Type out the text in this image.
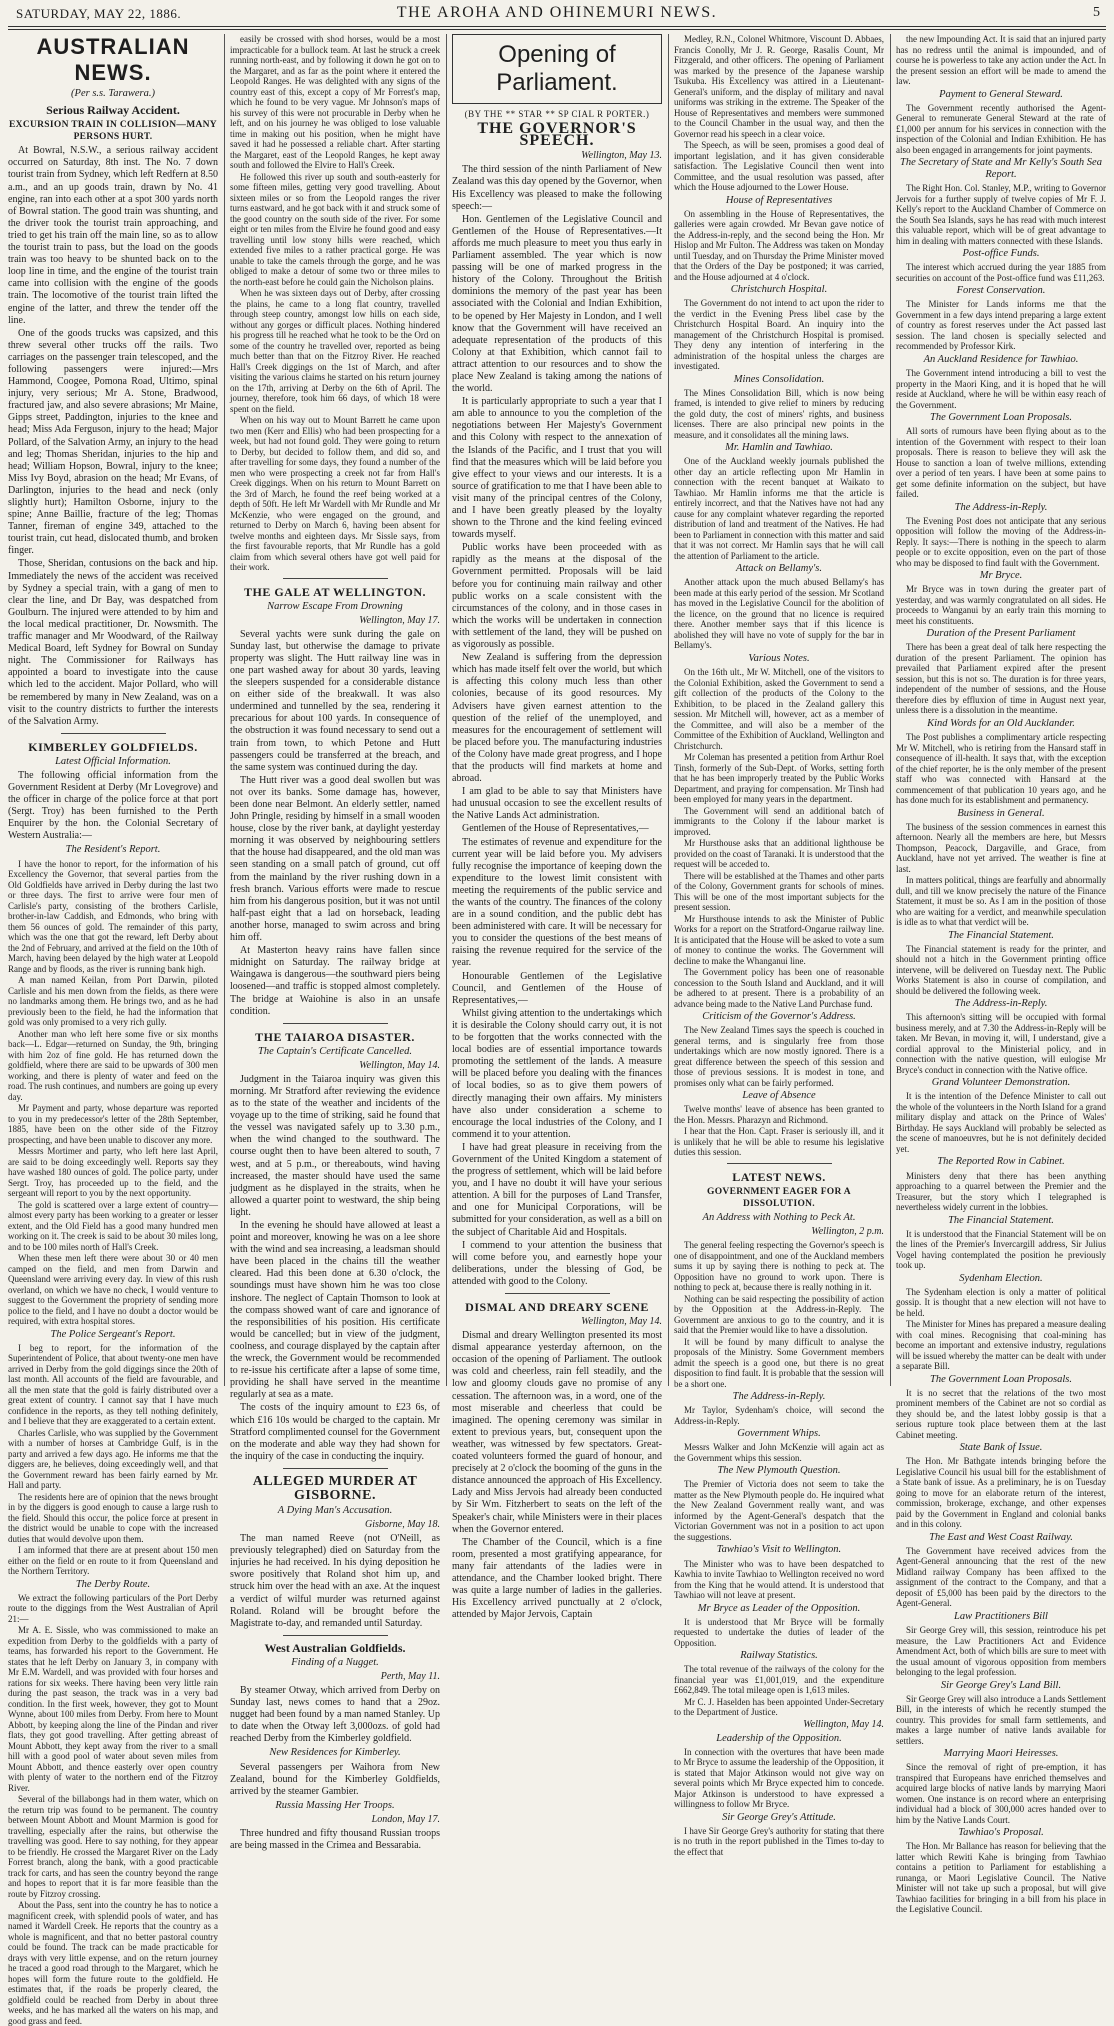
SATURDAY, MAY 22, 1886.	THE AROHA AND OHINEMURI NEWS.	5
AUSTRALIAN NEWS.
(Per s.s. Tarawera.)
Serious Railway Accident.
EXCURSION TRAIN IN COLLISION—MANY PERSONS HURT.

At Bowral, N.S.W., a serious railway accident occurred on Saturday, 8th inst. The No. 7 down tourist train from Sydney, which left Redfern at 8.50 a.m., and an up goods train, drawn by No. 41 engine, ran into each other at a spot 300 yards north of Bowral station. The good train was shunting, and the driver took the tourist train approaching, and tried to get his train off the main line, so as to allow the tourist train to pass, but the load on the goods train was too heavy to be shunted back on to the loop line in time, and the engine of the tourist train came into collision with the engine of the goods train. The locomotive of the tourist train lifted the engine of the latter, and threw the tender off the line.

One of the goods trucks was capsized, and this threw several other trucks off the rails. Two carriages on the passenger train telescoped, and the following passengers were injured:—Mrs Hammond, Coogee, Pomona Road, Ultimo, spinal injury, very serious; Mr A. Stone, Bradwood, fractured jaw, and also severe abrasions; Mr Maine, Gipps street, Paddington, injuries to the knee and head; Miss Ada Ferguson, injury to the head; Major Pollard, of the Salvation Army, an injury to the head and leg; Thomas Sheridan, injuries to the hip and head; William Hopson, Bowral, injury to the knee; Miss Ivy Boyd, abrasion on the head; Mr Evans, of Darlington, injuries to the head and neck (only slightly hurt); Hamilton Osborne, injury to the spine; Anne Baillie, fracture of the leg; Thomas Tanner, fireman of engine 349, attached to the tourist train, cut head, dislocated thumb, and broken finger.

Those, Sheridan, contusions on the back and hip. Immediately the news of the accident was received by Sydney a special train, with a gang of men to clear the line, and Dr Bay, was despatched from Goulburn. The injured were attended to by him and the local medical practitioner, Dr. Nowsmith. The traffic manager and Mr Woodward, of the Railway Medical Board, left Sydney for Bowral on Sunday night. The Commissioner for Railways has appointed a board to investigate into the cause which led to the accident. Major Pollard, who will be remembered by many in New Zealand, was on a visit to the country districts to further the interests of the Salvation Army.

KIMBERLEY GOLDFIELDS.
Latest Official Information.

The following official information from the Government Resident at Derby (Mr Lovegrove) and the officer in charge of the police force at that port (Sergt. Troy) has been furnished to the Perth Enquirer by the hon. the Colonial Secretary of Western Australia:—

The Resident's Report.

I have the honor to report, for the information of his Excellency the Governor, that several parties from the Old Goldfields have arrived in Derby during the last two or three days. The first to arrive were four men of Carlisle's party, consisting of the brothers Carlisle, brother-in-law Caddish, and Edmonds, who bring with them 56 ounces of gold. The remainder of this party, which was the one that got the reward, left Derby about the 2nd of February, and arrived at the field on the 10th of March, having been delayed by the high water at Leopold Range and by floods, as the river is running bank high.

A man named Keilan, from Port Darwin, piloted Carlisle and his men down from the fields, as there were no landmarks among them. He brings two, and as he had previously been to the field, he had the information that gold was only promised to a very rich gully.

Another man who left here some five or six months back—L. Edgar—returned on Sunday, the 9th, bringing with him 2oz of fine gold. He has returned down the goldfield, where there are said to be upwards of 300 men working, and there is plenty of water and feed on the road. The rush continues, and numbers are going up every day.

Mr Payment and party, whose departure was reported to you in my predecessor's letter of the 28th September, 1885, have been on the other side of the Fitzroy prospecting, and have been unable to discover any more.

Messrs Mortimer and party, who left here last April, are said to be doing exceedingly well. Reports say they have washed 180 ounces of gold. The police party, under Sergt. Troy, has proceeded up to the field, and the sergeant will report to you by the next opportunity.

The gold is scattered over a large extent of country—almost every party has been working to a greater or lesser extent, and the Old Field has a good many hundred men working on it. The creek is said to be about 30 miles long, and to be 100 miles north of Hall's Creek.

When these men left there were about 30 or 40 men camped on the field, and men from Darwin and Queensland were arriving every day. In view of this rush overland, on which we have no check, I would venture to suggest to the Government the propriety of sending more police to the field, and I have no doubt a doctor would be required, with extra hospital stores.

The Police Sergeant's Report.

I beg to report, for the information of the Superintendent of Police, that about twenty-one men have arrived in Derby from the gold diggings since the 20th of last month. All accounts of the field are favourable, and all the men state that the gold is fairly distributed over a great extent of country. I cannot say that I have much confidence in the reports, as they tell nothing definitely, and I believe that they are exaggerated to a certain extent.

Charles Carlisle, who was supplied by the Government with a number of horses at Cambridge Gulf, is in the party and arrived a few days ago. He informs me that the diggers are, he believes, doing exceedingly well, and that the Government reward has been fairly earned by Mr. Hall and party.

The residents here are of opinion that the news brought in by the diggers is good enough to cause a large rush to the field. Should this occur, the police force at present in the district would be unable to cope with the increased duties that would devolve upon them.

I am informed that there are at present about 150 men either on the field or en route to it from Queensland and the Northern Territory.

The Derby Route.

We extract the following particulars of the Port Derby route to the diggings from the West Australian of April 21:—

Mr A. E. Sissle, who was commissioned to make an expedition from Derby to the goldfields with a party of teams, has forwarded his report to the Government. He states that he left Derby on January 3, in company with Mr E.M. Wardell, and was provided with four horses and rations for six weeks. There having been very little rain during the past season, the track was in a very bad condition. In the first week, however, they got to Mount Wynne, about 100 miles from Derby. From here to Mount Abbott, by keeping along the line of the Pindan and river flats, they got good travelling. After getting abreast of Mount Abbott, they kept away from the river to a small hill with a good pool of water about seven miles from Mount Abbott, and thence easterly over open country with plenty of water to the northern end of the Fitzroy River.

Several of the billabongs had in them water, which on the return trip was found to be permanent. The country between Mount Abbott and Mount Marmion is good for travelling, especially after the rains, but otherwise the travelling was good. Here to say nothing, for they appear to be friendly. He crossed the Margaret River on the Lady Forrest branch, along the bank, with a good practicable track for carts, and has seen the country beyond the range and hopes to report that it is far more feasible than the route by Fitzroy crossing.

About the Pass, sent into the country he has to notice a magnificent creek, with splendid pools of water, and has named it Wardell Creek. He reports that the country as a whole is magnificent, and that no better pastoral country could be found. The track can be made practicable for drays with very little expense, and on the return journey he traced a good road through to the Margaret, which he hopes will form the future route to the goldfield. He estimates that, if the roads be properly cleared, the goldfield could be reached from Derby in about three weeks, and he has marked all the waters on his map, and good grass and feed.

easily be crossed with shod horses, would be a most impracticable for a bullock team. At last he struck a creek running north-east, and by following it down he got on to the Margaret, and as far as the point where it entered the Leopold Ranges. He was delighted with any signs of the country east of this, except a copy of Mr Forrest's map, which he found to be very vague. Mr Johnson's maps of his survey of this were not procurable in Derby when he left, and on his journey he was obliged to lose valuable time in making out his position, when he might have saved it had he possessed a reliable chart. After starting the Margaret, east of the Leopold Ranges, he kept away south and followed the Elvire to Hall's Creek.

He followed this river up south and south-easterly for some fifteen miles, getting very good travelling. About sixteen miles or so from the Leopold ranges the river turns eastward, and he got back with it and struck some of the good country on the south side of the river. For some eight or ten miles from the Elvire he found good and easy travelling until low stony hills were reached, which extended five miles to a rather practical gorge. He was unable to take the camels through the gorge, and he was obliged to make a detour of some two or three miles to the north-east before he could gain the Nicholson plains.

When he was sixteen days out of Derby, after crossing the plains, he came to a long flat country, travelled through steep country, amongst low hills on each side, without any gorges or difficult places. Nothing hindered his progress till he reached what he took to be the Ord on some of the country he travelled over, reported as being much better than that on the Fitzroy River. He reached Hall's Creek diggings on the 1st of March, and after visiting the various claims he started on his return journey on the 17th, arriving at Derby on the 6th of April. The journey, therefore, took him 66 days, of which 18 were spent on the field.

When on his way out to Mount Barrett he came upon two men (Kerr and Ellis) who had been prospecting for a week, but had not found gold. They were going to return to Derby, but decided to follow them, and did so, and after travelling for some days, they found a number of the men who were prospecting a creek not far from Hall's Creek diggings. When on his return to Mount Barrett on the 3rd of March, he found the reef being worked at a depth of 50ft. He left Mr Wardell with Mr Rundle and Mr McKenzie, who were engaged on the ground, and returned to Derby on March 6, having been absent for twelve months and eighteen days. Mr Sissle says, from the first favourable reports, that Mr Rundle has a gold claim from which several others have got well paid for their work.

THE GALE AT WELLINGTON.
Narrow Escape From Drowning
Wellington, May 17.

Several yachts were sunk during the gale on Sunday last, but otherwise the damage to private property was slight. The Hutt railway line was in one part washed away for about 30 yards, leaving the sleepers suspended for a considerable distance on either side of the breakwall. It was also undermined and tunnelled by the sea, rendering it precarious for about 100 yards. In consequence of the obstruction it was found necessary to send out a train from town, to which Petone and Hutt passengers could be transferred at the breach, and the same system was continued during the day.

The Hutt river was a good deal swollen but was not over its banks. Some damage has, however, been done near Belmont. An elderly settler, named John Pringle, residing by himself in a small wooden house, close by the river bank, at daylight yesterday morning it was observed by neighbouring settlers that the house had disappeared, and the old man was seen standing on a small patch of ground, cut off from the mainland by the river rushing down in a fresh branch. Various efforts were made to rescue him from his dangerous position, but it was not until half-past eight that a lad on horseback, leading another horse, managed to swim across and bring him off.

At Masterton heavy rains have fallen since midnight on Saturday. The railway bridge at Waingawa is dangerous—the southward piers being loosened—and traffic is stopped almost completely. The bridge at Waiohine is also in an unsafe condition.

THE TAIAROA DISASTER.
The Captain's Certificate Cancelled.
Wellington, May 14.

Judgment in the Taiaroa inquiry was given this morning. Mr Stratford after reviewing the evidence as to the state of the weather and incidents of the voyage up to the time of striking, said he found that the vessel was navigated safely up to 3.30 p.m., when the wind changed to the southward. The course ought then to have been altered to south, 7 west, and at 5 p.m., or thereabouts, wind having increased, the master should have used the same judgment as he displayed in the straits, when he allowed a quarter point to westward, the ship being light.

In the evening he should have allowed at least a point and moreover, knowing he was on a lee shore with the wind and sea increasing, a leadsman should have been placed in the chains till the weather cleared. Had this been done at 6.30 o'clock, the soundings must have shown him he was too close inshore. The neglect of Captain Thomson to look at the compass showed want of care and ignorance of the responsibilities of his position. His certificate would be cancelled; but in view of the judgment, coolness, and courage displayed by the captain after the wreck, the Government would be recommended to re-issue his certificate after a lapse of some time, providing he shall have served in the meantime regularly at sea as a mate.

The costs of the inquiry amount to £23 6s, of which £16 10s would be charged to the captain. Mr Stratford complimented counsel for the Government on the moderate and able way they had shown for the inquiry of the case in conducting the inquiry.

ALLEGED MURDER AT GISBORNE.
A Dying Man's Accusation.
Gisborne, May 18.

The man named Reeve (not O'Neill, as previously telegraphed) died on Saturday from the injuries he had received. In his dying deposition he swore positively that Roland shot him up, and struck him over the head with an axe. At the inquest a verdict of wilful murder was returned against Roland. Roland will be brought before the Magistrate to-day, and remanded until Saturday.

West Australian Goldfields.
Finding of a Nugget.
Perth, May 11.

By steamer Otway, which arrived from Derby on Sunday last, news comes to hand that a 29oz. nugget had been found by a man named Stanley. Up to date when the Otway left 3,000ozs. of gold had reached Derby from the Kimberley goldfield.

New Residences for Kimberley.

Several passengers per Waihora from New Zealand, bound for the Kimberley Goldfields, arrived by the steamer Gambier.

Russia Massing Her Troops.
London, May 17.

Three hundred and fifty thousand Russian troops are being massed in the Crimea and Bessarabia.

Opening of Parliament.
(BY THE ** STAR ** SP CIAL R PORTER.)
THE GOVERNOR'S SPEECH.
Wellington, May 13.

The third session of the ninth Parliament of New Zealand was this day opened by the Governor, when His Excellency was pleased to make the following speech:—

Hon. Gentlemen of the Legislative Council and Gentlemen of the House of Representatives.—It affords me much pleasure to meet you thus early in Parliament assembled. The year which is now passing will be one of marked progress in the history of the Colony. Throughout the British dominions the memory of the past year has been associated with the Colonial and Indian Exhibition, to be opened by Her Majesty in London, and I well know that the Government will have received an adequate representation of the products of this Colony at that Exhibition, which cannot fail to attract attention to our resources and to show the place New Zealand is taking among the nations of the world.

It is particularly appropriate to such a year that I am able to announce to you the completion of the negotiations between Her Majesty's Government and this Colony with respect to the annexation of the Islands of the Pacific, and I trust that you will find that the measures which will be laid before you give effect to your views and our interests. It is a source of gratification to me that I have been able to visit many of the principal centres of the Colony, and I have been greatly pleased by the loyalty shown to the Throne and the kind feeling evinced towards myself.

Public works have been proceeded with as rapidly as the means at the disposal of the Government permitted. Proposals will be laid before you for continuing main railway and other public works on a scale consistent with the circumstances of the colony, and in those cases in which the works will be undertaken in connection with settlement of the land, they will be pushed on as vigorously as possible.

New Zealand is suffering from the depression which has made itself felt over the world, but which is affecting this colony much less than other colonies, because of its good resources. My Advisers have given earnest attention to the question of the relief of the unemployed, and measures for the encouragement of settlement will be placed before you. The manufacturing industries of the Colony have made great progress, and I hope that the products will find markets at home and abroad.

I am glad to be able to say that Ministers have had unusual occasion to see the excellent results of the Native Lands Act administration.

Gentlemen of the House of Representatives,—

The estimates of revenue and expenditure for the current year will be laid before you. My advisers fully recognise the importance of keeping down the expenditure to the lowest limit consistent with meeting the requirements of the public service and the wants of the country. The finances of the colony are in a sound condition, and the public debt has been administered with care. It will be necessary for you to consider the questions of the best means of raising the revenue required for the service of the year.

Honourable Gentlemen of the Legislative Council, and Gentlemen of the House of Representatives,—

Whilst giving attention to the undertakings which it is desirable the Colony should carry out, it is not to be forgotten that the works connected with the local bodies are of essential importance towards promoting the settlement of the lands. A measure will be placed before you dealing with the finances of local bodies, so as to give them powers of directly managing their own affairs. My ministers have also under consideration a scheme to encourage the local industries of the Colony, and I commend it to your attention.

I have had great pleasure in receiving from the Government of the United Kingdom a statement of the progress of settlement, which will be laid before you, and I have no doubt it will have your serious attention. A bill for the purposes of Land Transfer, and one for Municipal Corporations, will be submitted for your consideration, as well as a bill on the subject of Charitable Aid and Hospitals.

I commend to your attention the business that will come before you, and earnestly hope your deliberations, under the blessing of God, be attended with good to the Colony.

DISMAL AND DREARY SCENE
Wellington, May 14.

Dismal and dreary Wellington presented its most dismal appearance yesterday afternoon, on the occasion of the opening of Parliament. The outlook was cold and cheerless, rain fell steadily, and the low and gloomy clouds gave no promise of any cessation. The afternoon was, in a word, one of the most miserable and cheerless that could be imagined. The opening ceremony was similar in extent to previous years, but, consequent upon the weather, was witnessed by few spectators. Great-coated volunteers formed the guard of honour, and precisely at 2 o'clock the booming of the guns in the distance announced the approach of His Excellency. Lady and Miss Jervois had already been conducted by Sir Wm. Fitzherbert to seats on the left of the Speaker's chair, while Ministers were in their places when the Governor entered.

The Chamber of the Council, which is a fine room, presented a most gratifying appearance, for many fair attendants of the ladies were in attendance, and the Chamber looked bright. There was quite a large number of ladies in the galleries. His Excellency arrived punctually at 2 o'clock, attended by Major Jervois, Captain

Medley, R.N., Colonel Whitmore, Viscount D. Abbaes, Francis Conolly, Mr J. R. George, Rasalis Count, Mr Fitzgerald, and other officers. The opening of Parliament was marked by the presence of the Japanese warship Tsukuba. His Excellency was attired in a Lieutenant-General's uniform, and the display of military and naval uniforms was striking in the extreme. The Speaker of the House of Representatives and members were summoned to the Council Chamber in the usual way, and then the Governor read his speech in a clear voice.

The Speech, as will be seen, promises a good deal of important legislation, and it has given considerable satisfaction. The Legislative Council then went into Committee, and the usual resolution was passed, after which the House adjourned to the Lower House.

House of Representatives

On assembling in the House of Representatives, the galleries were again crowded. Mr Bevan gave notice of the Address-in-reply, and the second being the Hon. Mr Hislop and Mr Fulton. The Address was taken on Monday until Tuesday, and on Thursday the Prime Minister moved that the Orders of the Day be postponed; it was carried, and the House adjourned at 4 o'clock.

Christchurch Hospital.

The Government do not intend to act upon the rider to the verdict in the Evening Press libel case by the Christchurch Hospital Board. An inquiry into the management of the Christchurch Hospital is promised. They deny any intention of interfering in the administration of the hospital unless the charges are investigated.

Mines Consolidation.

The Mines Consolidation Bill, which is now being framed, is intended to give relief to miners by reducing the gold duty, the cost of miners' rights, and business licenses. There are also principal new points in the measure, and it consolidates all the mining laws.

Mr. Hamlin and Tawhiao.

One of the Auckland weekly journals published the other day an article reflecting upon Mr Hamlin in connection with the recent banquet at Waikato to Tawhiao. Mr Hamlin informs me that the article is entirely incorrect, and that the Natives have not had any cause for any complaint whatever regarding the reported distribution of land and treatment of the Natives. He had been to Parliament in connection with this matter and said that it was not correct. Mr Hamlin says that he will call the attention of Parliament to the article.

Attack on Bellamy's.

Another attack upon the much abused Bellamy's has been made at this early period of the session. Mr Scotland has moved in the Legislative Council for the abolition of the licence, on the ground that no licence is required there. Another member says that if this licence is abolished they will have no vote of supply for the bar in Bellamy's.

Various Notes.

On the 16th ult., Mr W. Mitchell, one of the visitors to the Colonial Exhibition, asked the Government to send a gift collection of the products of the Colony to the Exhibition, to be placed in the Zealand gallery this session. Mr Mitchell will, however, act as a member of the Committee, and will also be a member of the Committee of the Exhibition of Auckland, Wellington and Christchurch.

Mr Coleman has presented a petition from Arthur Roel Tinsh, formerly of the Sub-Dept. of Works, setting forth that he has been improperly treated by the Public Works Department, and praying for compensation. Mr Tinsh had been employed for many years in the department.

The Government will send an additional batch of immigrants to the Colony if the labour market is improved.

Mr Hursthouse asks that an additional lighthouse be provided on the coast of Taranaki. It is understood that the request will be acceded to.

There will be established at the Thames and other parts of the Colony, Government grants for schools of mines. This will be one of the most important subjects for the present session.

Mr Hursthouse intends to ask the Minister of Public Works for a report on the Stratford-Ongarue railway line. It is anticipated that the House will be asked to vote a sum of money to continue the works. The Government will decline to make the Whanganui line.

The Government policy has been one of reasonable concession to the South Island and Auckland, and it will be adhered to at present. There is a probability of an advance being made to the Native Land Purchase fund.

Criticism of the Governor's Address.

The New Zealand Times says the speech is couched in general terms, and is singularly free from those undertakings which are now mostly ignored. There is a great difference between the speech of this session and those of previous sessions. It is modest in tone, and promises only what can be fairly performed.

Leave of Absence

Twelve months' leave of absence has been granted to the Hon. Messrs. Pharazyn and Richmond.

I hear that the Hon. Capt. Fraser is seriously ill, and it is unlikely that he will be able to resume his legislative duties this session.

LATEST NEWS.
GOVERNMENT EAGER FOR A DISSOLUTION.
An Address with Nothing to Peck At.
Wellington, 2 p.m.

The general feeling respecting the Governor's speech is one of disappointment, and one of the Auckland members sums it up by saying there is nothing to peck at. The Opposition have no ground to work upon. There is nothing to peck at, because there is really nothing in it.

Nothing can be said respecting the possibility of action by the Opposition at the Address-in-Reply. The Government are anxious to go to the country, and it is said that the Premier would like to have a dissolution.

It will be found by many difficult to analyse the proposals of the Ministry. Some Government members admit the speech is a good one, but there is no great disposition to find fault. It is probable that the session will be a short one.

The Address-in-Reply.

Mr Taylor, Sydenham's choice, will second the Address-in-Reply.

Government Whips.

Messrs Walker and John McKenzie will again act as the Government whips this session.

The New Plymouth Question.

The Premier of Victoria does not seem to take the matter as the New Plymouth people do. He inquired what the New Zealand Government really want, and was informed by the Agent-General's despatch that the Victorian Government was not in a position to act upon the suggestions.

Tawhiao's Visit to Wellington.

The Minister who was to have been despatched to Kawhia to invite Tawhiao to Wellington received no word from the King that he would attend. It is understood that Tawhiao will not leave at present.

Mr Bryce as Leader of the Opposition.

It is understood that Mr Bryce will be formally requested to undertake the duties of leader of the Opposition.

Railway Statistics.

The total revenue of the railways of the colony for the financial year was £1,001,019, and the expenditure £662,849. The total mileage open is 1,613 miles.

Mr C. J. Haselden has been appointed Under-Secretary to the Department of Justice.

Wellington, May 14.
Leadership of the Opposition.

In connection with the overtures that have been made to Mr Bryce to assume the leadership of the Opposition, it is stated that Major Atkinson would not give way on several points which Mr Bryce expected him to concede. Major Atkinson is understood to have expressed a willingness to follow Mr Bryce.

Sir George Grey's Attitude.

I have Sir George Grey's authority for stating that there is no truth in the report published in the Times to-day to the effect that

the new Impounding Act. It is said that an injured party has no redress until the animal is impounded, and of course he is powerless to take any action under the Act. In the present session an effort will be made to amend the law.

Payment to General Steward.

The Government recently authorised the Agent-General to remunerate General Steward at the rate of £1,000 per annum for his services in connection with the inspection of the Colonial and Indian Exhibition. He has also been engaged in arrangements for joint payments.

The Secretary of State and Mr Kelly's South Sea Report.

The Right Hon. Col. Stanley, M.P., writing to Governor Jervois for a further supply of twelve copies of Mr F. J. Kelly's report to the Auckland Chamber of Commerce on the South Sea Islands, says he has read with much interest this valuable report, which will be of great advantage to him in dealing with matters connected with these Islands.

Post-office Funds.

The interest which accrued during the year 1885 from securities on account of the Post-office fund was £11,263.

Forest Conservation.

The Minister for Lands informs me that the Government in a few days intend preparing a large extent of country as forest reserves under the Act passed last session. The land chosen is specially selected and recommended by Professor Kirk.

An Auckland Residence for Tawhiao.

The Government intend introducing a bill to vest the property in the Maori King, and it is hoped that he will reside at Auckland, where he will be within easy reach of the Government.

The Government Loan Proposals.

All sorts of rumours have been flying about as to the intention of the Government with respect to their loan proposals. There is reason to believe they will ask the House to sanction a loan of twelve millions, extending over a period of ten years. I have been at some pains to get some definite information on the subject, but have failed.

The Address-in-Reply.

The Evening Post does not anticipate that any serious opposition will follow the moving of the Address-in-Reply. It says:—There is nothing in the speech to alarm people or to excite opposition, even on the part of those who may be disposed to find fault with the Government.

Mr Bryce.

Mr Bryce was in town during the greater part of yesterday, and was warmly congratulated on all sides. He proceeds to Wanganui by an early train this morning to meet his constituents.

Duration of the Present Parliament

There has been a great deal of talk here respecting the duration of the present Parliament. The opinion has prevailed that Parliament expired after the present session, but this is not so. The duration is for three years, independent of the number of sessions, and the House therefore dies by effluxion of time in August next year, unless there is a dissolution in the meantime.

Kind Words for an Old Aucklander.

The Post publishes a complimentary article respecting Mr W. Mitchell, who is retiring from the Hansard staff in consequence of ill-health. It says that, with the exception of the chief reporter, he is the only member of the present staff who was connected with Hansard at the commencement of that publication 10 years ago, and he has done much for its establishment and permanency.

Business in General.

The business of the session commences in earnest this afternoon. Nearly all the members are here, but Messrs Thompson, Peacock, Dargaville, and Grace, from Auckland, have not yet arrived. The weather is fine at last.

In matters political, things are fearfully and abnormally dull, and till we know precisely the nature of the Finance Statement, it must be so. As I am in the position of those who are waiting for a verdict, and meanwhile speculation is idle as to what that verdict will be.

The Financial Statement.

The Financial statement is ready for the printer, and should not a hitch in the Government printing office intervene, will be delivered on Tuesday next. The Public Works Statement is also in course of compilation, and should be delivered the following week.

The Address-in-Reply.

This afternoon's sitting will be occupied with formal business merely, and at 7.30 the Address-in-Reply will be taken. Mr Bevan, in moving it, will, I understand, give a cordial approval to the Ministerial policy, and in connection with the native question, will eulogise Mr Bryce's conduct in connection with the Native office.

Grand Volunteer Demonstration.

It is the intention of the Defence Minister to call out the whole of the volunteers in the North Island for a grand military display and attack on the Prince of Wales' Birthday. He says Auckland will probably be selected as the scene of manoeuvres, but he is not definitely decided yet.

The Reported Row in Cabinet.

Ministers deny that there has been anything approaching to a quarrel between the Premier and the Treasurer, but the story which I telegraphed is nevertheless widely current in the lobbies.

The Financial Statement.

It is understood that the Financial Statement will be on the lines of the Premier's Invercargill address, Sir Julius Vogel having contemplated the position he previously took up.

Sydenham Election.

The Sydenham election is only a matter of political gossip. It is thought that a new election will not have to be held.

The Minister for Mines has prepared a measure dealing with coal mines. Recognising that coal-mining has become an important and extensive industry, regulations will be issued whereby the matter can be dealt with under a separate Bill.

The Government Loan Proposals.

It is no secret that the relations of the two most prominent members of the Cabinet are not so cordial as they should be, and the latest lobby gossip is that a serious rupture took place between them at the last Cabinet meeting.

State Bank of Issue.

The Hon. Mr Bathgate intends bringing before the Legislative Council his usual bill for the establishment of a State bank of issue. As a preliminary, he is on Tuesday going to move for an elaborate return of the interest, commission, brokerage, exchange, and other expenses paid by the Government in England and colonial banks and in this colony.

The East and West Coast Railway.

The Government have received advices from the Agent-General announcing that the rest of the new Midland railway Company has been affixed to the assignment of the contract to the Company, and that a deposit of £5,000 has been paid by the directors to the Agent-General.

Law Practitioners Bill

Sir George Grey will, this session, reintroduce his pet measure, the Law Practitioners Act and Evidence Amendment Act, both of which bills are sure to meet with the usual amount of vigorous opposition from members belonging to the legal profession.

Sir George Grey's Land Bill.

Sir George Grey will also introduce a Lands Settlement Bill, in the interests of which he recently stumped the country. This provides for small farm settlements, and makes a large number of native lands available for settlers.

Marrying Maori Heiresses.

Since the removal of right of pre-emption, it has transpired that Europeans have enriched themselves and acquired large blocks of native lands by marrying Maori women. One instance is on record where an enterprising individual had a block of 300,000 acres handed over to him by the Native Lands Court.

Tawhiao's Proposal.

The Hon. Mr Ballance has reason for believing that the latter which Rewiti Kahe is bringing from Tawhiao contains a petition to Parliament for establishing a runanga, or Maori Legislative Council. The Native Minister will not take up such a proposal, but will give Tawhiao facilities for bringing in a bill from his place in the Legislative Council.
